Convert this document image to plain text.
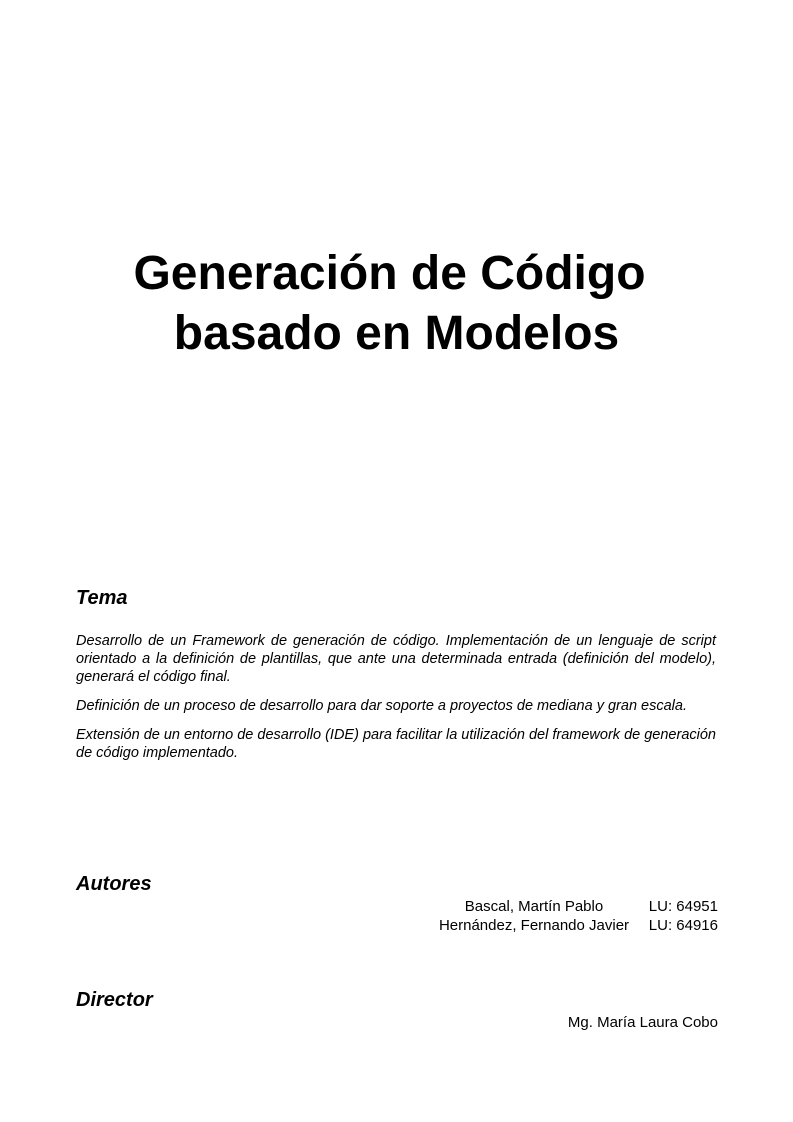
Generación de Código
basado en Modelos
Tema

Desarrollo de un Framework de generación de código. Implementación de un lenguaje de script orientado a la definición de plantillas, que ante una determinada entrada (definición del modelo), generará el código final.

Definición de un proceso de desarrollo para dar soporte a proyectos de mediana y gran escala.

Extensión de un entorno de desarrollo (IDE) para facilitar la utilización del framework de generación de código implementado.

Autores
Bascal, Martín Pablo	LU: 64951
Hernández, Fernando Javier	LU: 64916
Director
Mg. María Laura Cobo
